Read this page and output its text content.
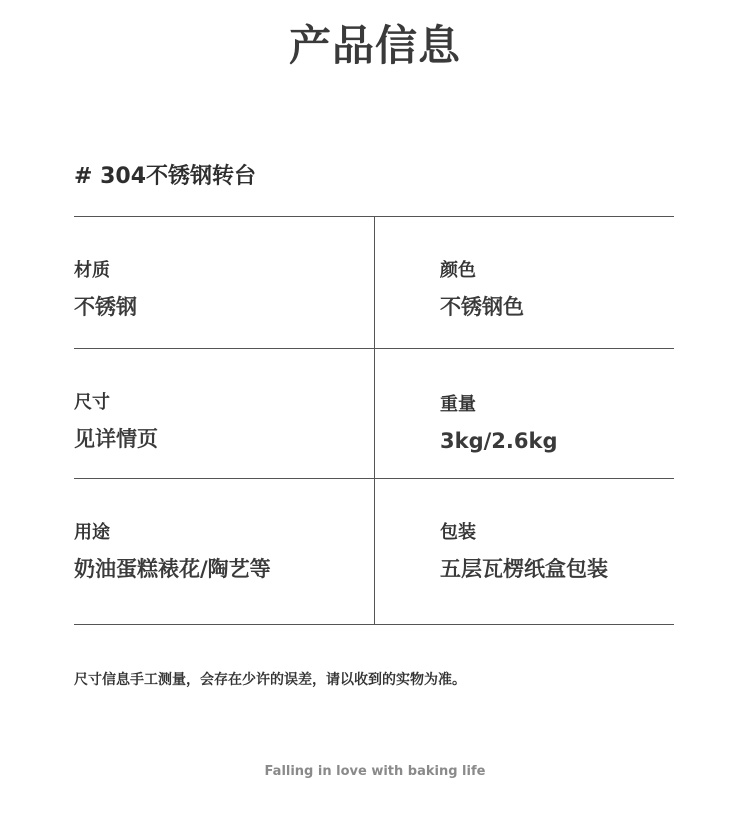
产品信息
# 304不锈钢转台
材质
不锈钢
颜色
不锈钢色
尺寸
见详情页
重量
3kg/2.6kg
用途
奶油蛋糕裱花/陶艺等
包装
五层瓦楞纸盒包装
尺寸信息手工测量，会存在少许的误差，请以收到的实物为准。
Falling in love with baking life
